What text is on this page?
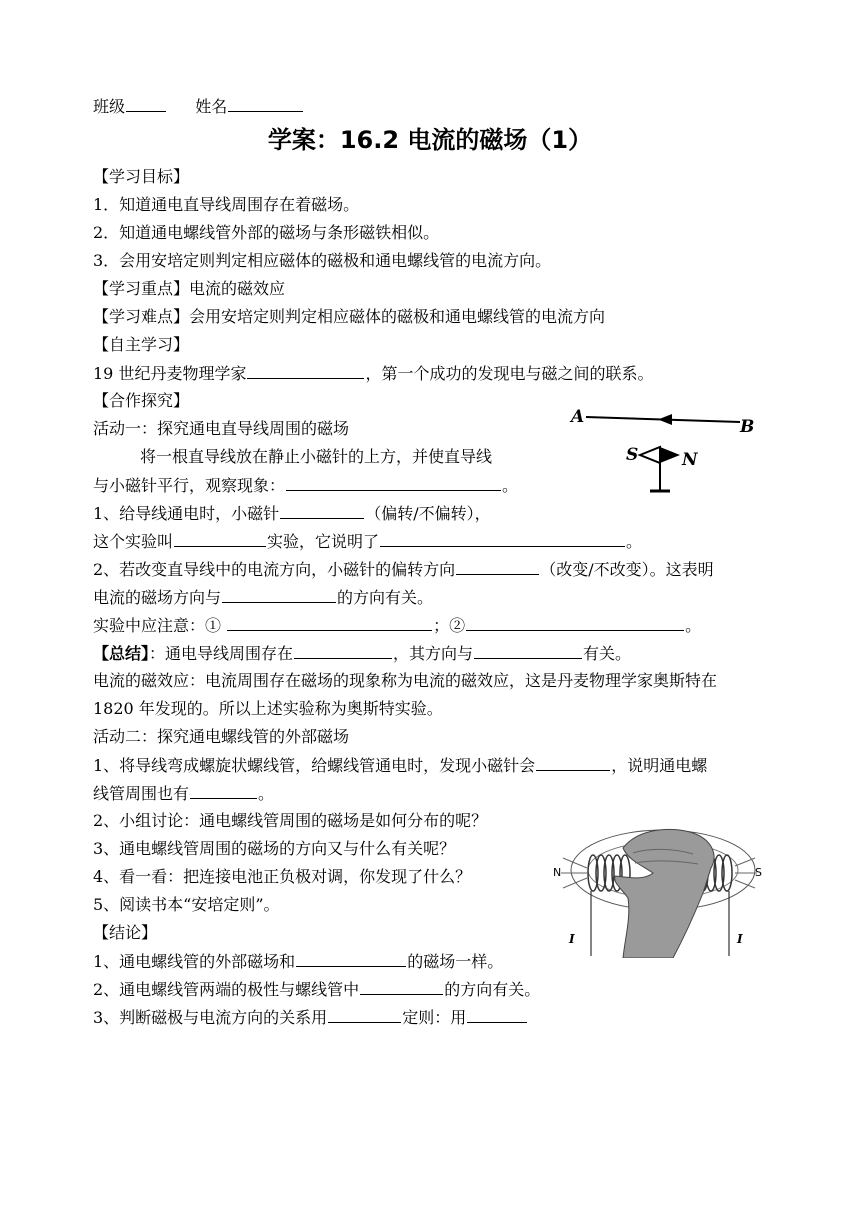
班级	姓名
学案：16.2 电流的磁场（1）
【学习目标】
1．知道通电直导线周围存在着磁场。
2．知道通电螺线管外部的磁场与条形磁铁相似。
3．会用安培定则判定相应磁体的磁极和通电螺线管的电流方向。
【学习重点】电流的磁效应
【学习难点】会用安培定则判定相应磁体的磁极和通电螺线管的电流方向
【自主学习】
19 世纪丹麦物理学家	，第一个成功的发现电与磁之间的联系。
【合作探究】
活动一：探究通电直导线周围的磁场
将一根直导线放在静止小磁针的上方，并使直导线
与小磁针平行，观察现象：	。
1、给导线通电时，小磁针	（偏转/不偏转），
这个实验叫	实验，它说明了	。
2、若改变直导线中的电流方向，小磁针的偏转方向	（改变/不改变）。这表明
电流的磁场方向与	的方向有关。
实验中应注意：①	；②	。
【总结】：通电导线周围存在	，其方向与	有关。
电流的磁效应：电流周围存在磁场的现象称为电流的磁效应，这是丹麦物理学家奥斯特在
1820 年发现的。所以上述实验称为奥斯特实验。
活动二：探究通电螺线管的外部磁场
1、将导线弯成螺旋状螺线管，给螺线管通电时，发现小磁针会	，说明通电螺
线管周围也有	。
2、小组讨论：通电螺线管周围的磁场是如何分布的呢？
3、通电螺线管周围的磁场的方向又与什么有关呢？
4、看一看：把连接电池正负极对调，你发现了什么？
5、阅读书本“安培定则”。
【结论】
1、通电螺线管的外部磁场和	的磁场一样。
2、通电螺线管两端的极性与螺线管中	的方向有关。
3、判断磁极与电流方向的关系用	定则：用
A	B
S	N
N	S
I	I
